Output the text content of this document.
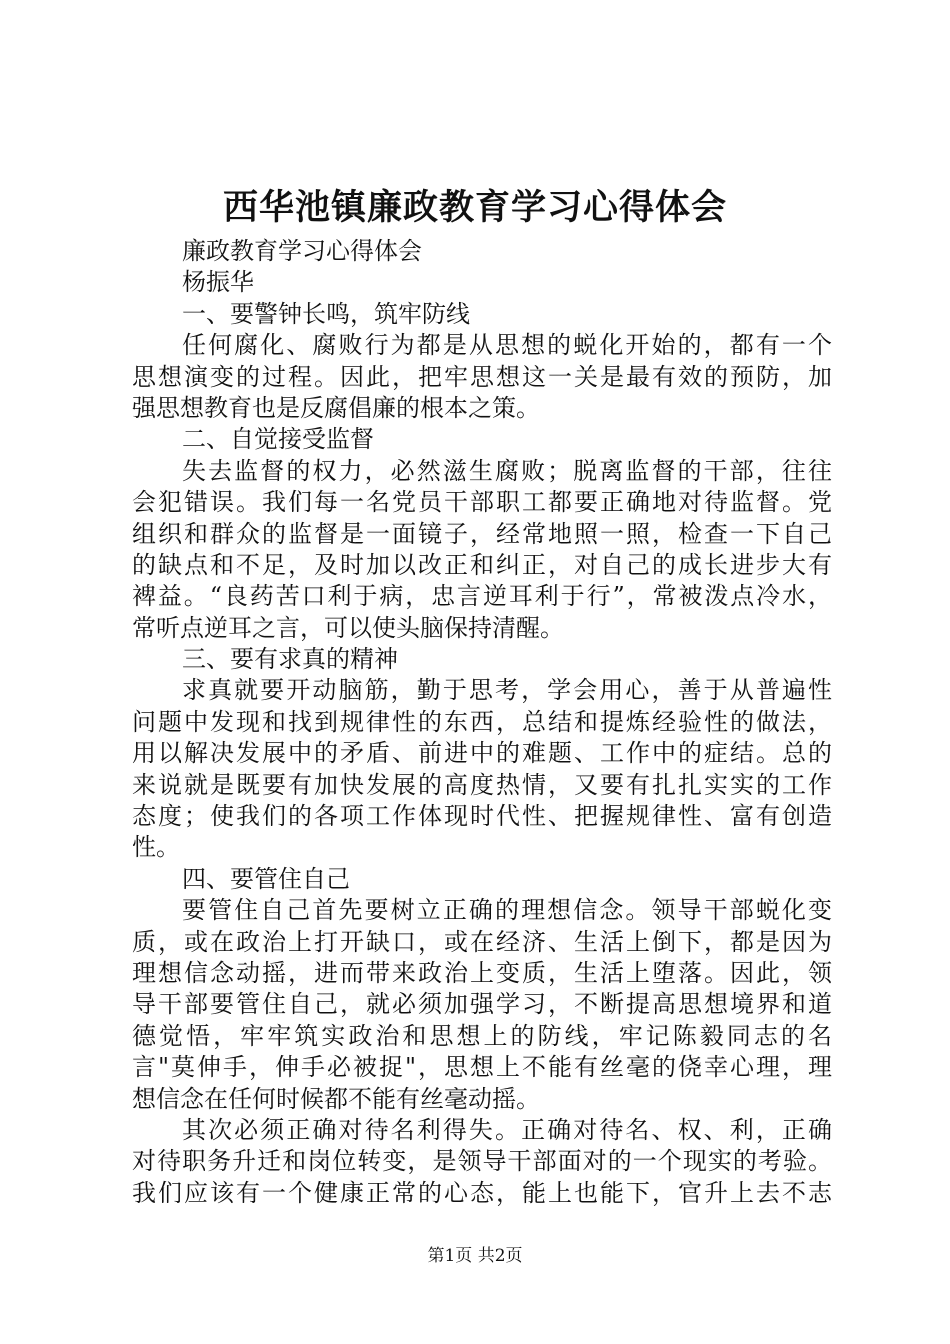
西华池镇廉政教育学习心得体会
廉政教育学习心得体会
杨振华
一、要警钟长鸣，筑牢防线
任何腐化、腐败行为都是从思想的蜕化开始的，都有一个
思想演变的过程。因此，把牢思想这一关是最有效的预防，加
强思想教育也是反腐倡廉的根本之策。
二、自觉接受监督
失去监督的权力，必然滋生腐败；脱离监督的干部，往往
会犯错误。我们每一名党员干部职工都要正确地对待监督。党
组织和群众的监督是一面镜子，经常地照一照，检查一下自己
的缺点和不足，及时加以改正和纠正，对自己的成长进步大有
裨益。“良药苦口利于病，忠言逆耳利于行”，常被泼点冷水，
常听点逆耳之言，可以使头脑保持清醒。
三、要有求真的精神
求真就要开动脑筋，勤于思考，学会用心，善于从普遍性
问题中发现和找到规律性的东西，总结和提炼经验性的做法，
用以解决发展中的矛盾、前进中的难题、工作中的症结。总的
来说就是既要有加快发展的高度热情，又要有扎扎实实的工作
态度；使我们的各项工作体现时代性、把握规律性、富有创造
性。
四、要管住自己
要管住自己首先要树立正确的理想信念。领导干部蜕化变
质，或在政治上打开缺口，或在经济、生活上倒下，都是因为
理想信念动摇，进而带来政治上变质，生活上堕落。因此，领
导干部要管住自己，就必须加强学习，不断提高思想境界和道
德觉悟，牢牢筑实政治和思想上的防线，牢记陈毅同志的名
言"莫伸手，伸手必被捉"，思想上不能有丝毫的侥幸心理，理
想信念在任何时候都不能有丝毫动摇。
其次必须正确对待名利得失。正确对待名、权、利，正确
对待职务升迁和岗位转变，是领导干部面对的一个现实的考验。
我们应该有一个健康正常的心态，能上也能下，官升上去不志
第1页 共2页
